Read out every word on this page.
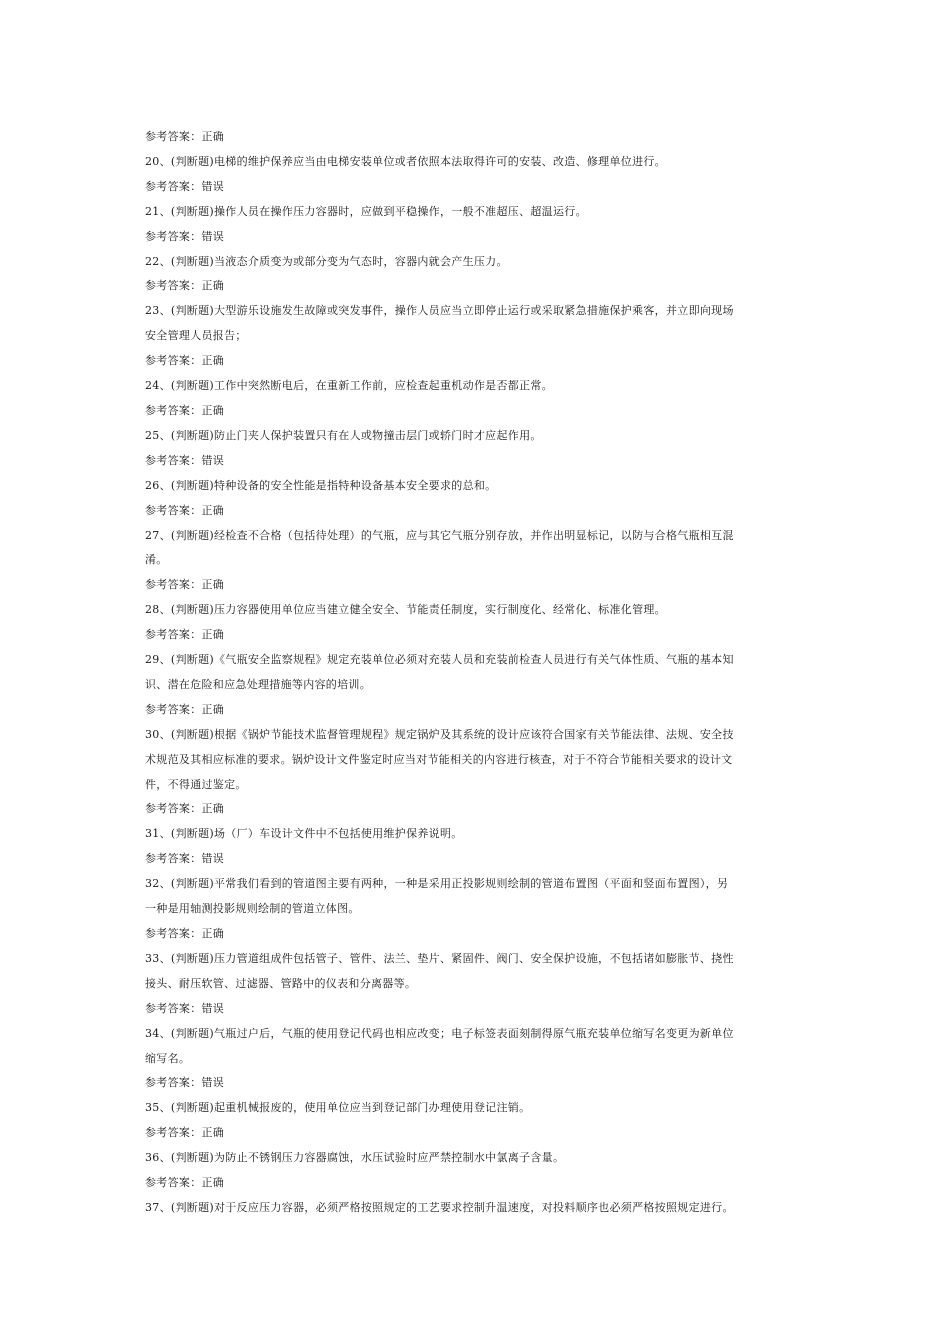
参考答案：正确

20、(判断题)电梯的维护保养应当由电梯安装单位或者依照本法取得许可的安装、改造、修理单位进行。

参考答案：错误

21、(判断题)操作人员在操作压力容器时，应做到平稳操作，一般不准超压、超温运行。

参考答案：错误

22、(判断题)当液态介质变为或部分变为气态时，容器内就会产生压力。

参考答案：正确

23、(判断题)大型游乐设施发生故障或突发事件，操作人员应当立即停止运行或采取紧急措施保护乘客，并立即向现场

安全管理人员报告；

参考答案：正确

24、(判断题)工作中突然断电后，在重新工作前，应检查起重机动作是否都正常。

参考答案：正确

25、(判断题)防止门夹人保护装置只有在人或物撞击层门或轿门时才应起作用。

参考答案：错误

26、(判断题)特种设备的安全性能是指特种设备基本安全要求的总和。

参考答案：正确

27、(判断题)经检查不合格（包括待处理）的气瓶，应与其它气瓶分别存放，并作出明显标记，以防与合格气瓶相互混

淆。

参考答案：正确

28、(判断题)压力容器使用单位应当建立健全安全、节能责任制度，实行制度化、经常化、标准化管理。

参考答案：正确

29、(判断题)《气瓶安全监察规程》规定充装单位必须对充装人员和充装前检查人员进行有关气体性质、气瓶的基本知

识、潜在危险和应急处理措施等内容的培训。

参考答案：正确

30、(判断题)根据《锅炉节能技术监督管理规程》规定锅炉及其系统的设计应该符合国家有关节能法律、法规、安全技

术规范及其相应标准的要求。锅炉设计文件鉴定时应当对节能相关的内容进行核查，对于不符合节能相关要求的设计文

件，不得通过鉴定。

参考答案：正确

31、(判断题)场（厂）车设计文件中不包括使用维护保养说明。

参考答案：错误

32、(判断题)平常我们看到的管道图主要有两种，一种是采用正投影规则绘制的管道布置图（平面和竖面布置图），另

一种是用轴测投影规则绘制的管道立体图。

参考答案：正确

33、(判断题)压力管道组成件包括管子、管件、法兰、垫片、紧固件、阀门、安全保护设施，不包括诸如膨胀节、挠性

接头、耐压软管、过滤器、管路中的仪表和分离器等。

参考答案：错误

34、(判断题)气瓶过户后，气瓶的使用登记代码也相应改变；电子标签表面刻制得原气瓶充装单位缩写名变更为新单位

缩写名。

参考答案：错误

35、(判断题)起重机械报废的，使用单位应当到登记部门办理使用登记注销。

参考答案：正确

36、(判断题)为防止不锈钢压力容器腐蚀，水压试验时应严禁控制水中氯离子含量。

参考答案：正确

37、(判断题)对于反应压力容器，必须严格按照规定的工艺要求控制升温速度，对投料顺序也必须严格按照规定进行。
